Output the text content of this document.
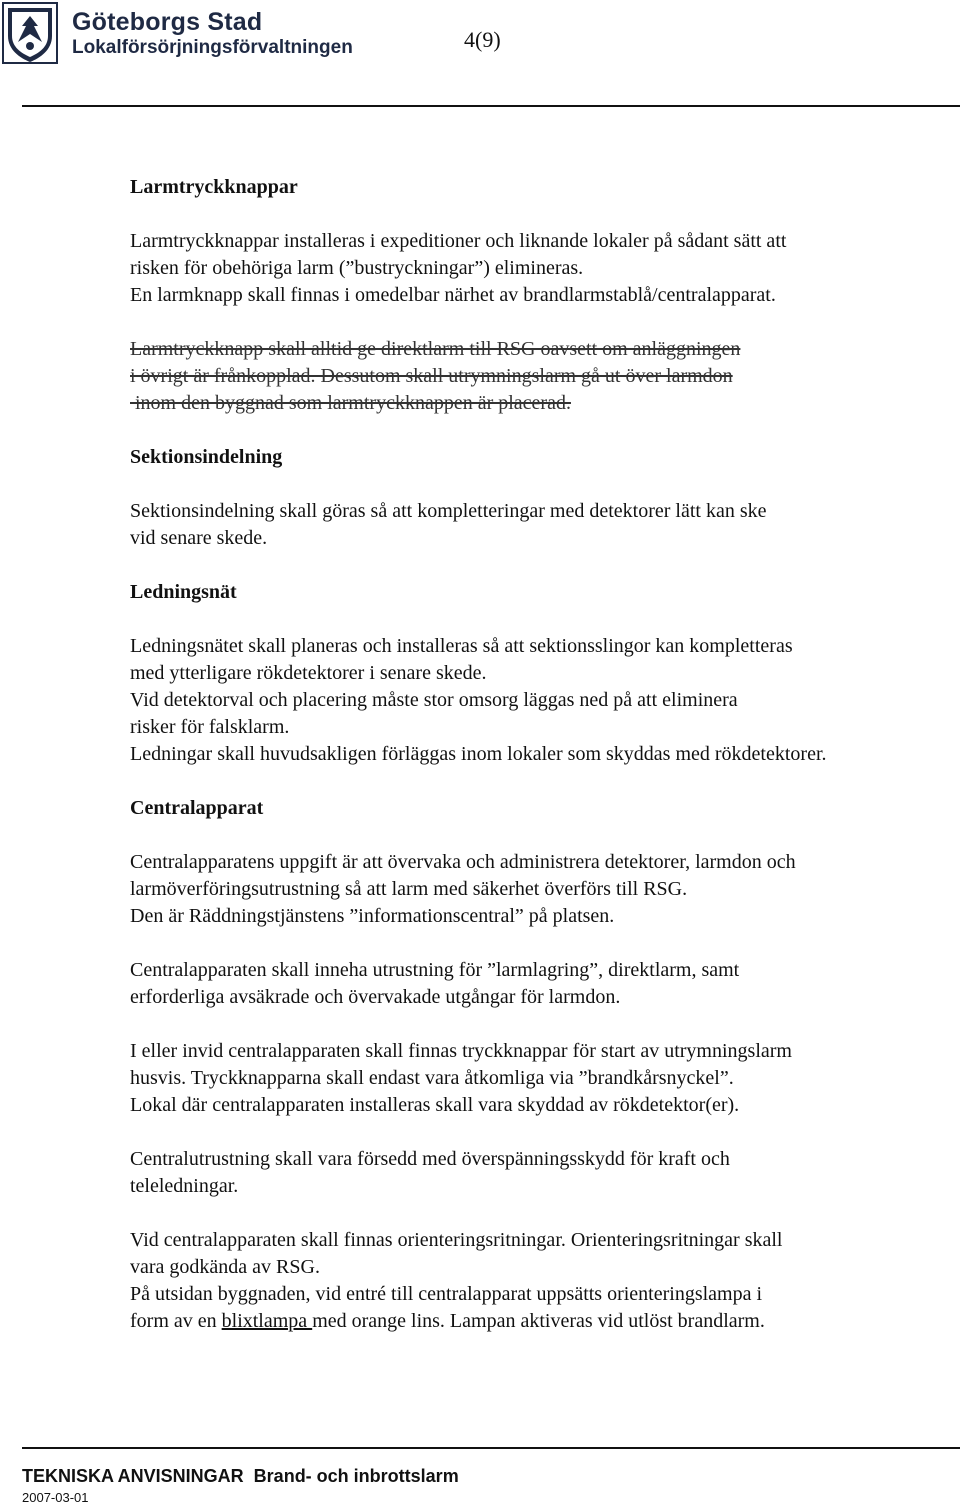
Göteborgs Stad
Lokalförsörjningsförvaltningen	4(9)

Larmtryckknappar

Larmtryckknappar installeras i expeditioner och liknande lokaler på sådant sätt att

risken för obehöriga larm (”bustryckningar”) elimineras.

En larmknapp skall finnas i omedelbar närhet av brandlarmstablå/centralapparat.

Larmtryckknapp skall alltid ge direktlarm till RSG oavsett om anläggningen

i övrigt är frånkopplad. Dessutom skall utrymningslarm gå ut över larmdon

inom den byggnad som larmtryckknappen är placerad.

Sektionsindelning

Sektionsindelning skall göras så att kompletteringar med detektorer lätt kan ske

vid senare skede.

Ledningsnät

Ledningsnätet skall planeras och installeras så att sektionsslingor kan kompletteras

med ytterligare rökdetektorer i senare skede.

Vid detektorval och placering måste stor omsorg läggas ned på att eliminera

risker för falsklarm.

Ledningar skall huvudsakligen förläggas inom lokaler som skyddas med rökdetektorer.

Centralapparat

Centralapparatens uppgift är att övervaka och administrera detektorer, larmdon och

larmöverföringsutrustning så att larm med säkerhet överförs till RSG.

Den är Räddningstjänstens ”informationscentral” på platsen.

Centralapparaten skall inneha utrustning för ”larmlagring”, direktlarm, samt

erforderliga avsäkrade och övervakade utgångar för larmdon.

I eller invid centralapparaten skall finnas tryckknappar för start av utrymningslarm

husvis. Tryckknapparna skall endast vara åtkomliga via ”brandkårsnyckel”.

Lokal där centralapparaten installeras skall vara skyddad av rökdetektor(er).

Centralutrustning skall vara försedd med överspänningsskydd för kraft och

teleledningar.

Vid centralapparaten skall finnas orienteringsritningar. Orienteringsritningar skall

vara godkända av RSG.

På utsidan byggnaden, vid entré till centralapparat uppsätts orienteringslampa i

form av en blixtlampa med orange lins. Lampan aktiveras vid utlöst brandlarm.

TEKNISKA ANVISNINGAR  Brand- och inbrottslarm
2007-03-01
